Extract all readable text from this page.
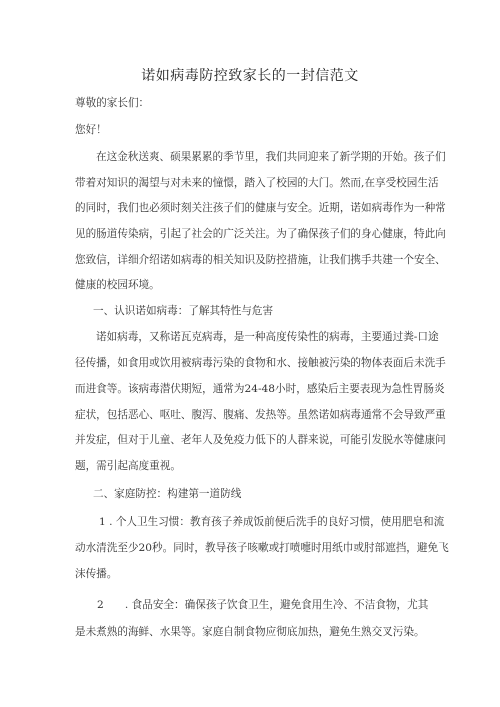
诺如病毒防控致家长的一封信范文
尊敬的家长们：
您好！
在这金秋送爽、硕果累累的季节里，我们共同迎来了新学期的开始。孩子们
带着对知识的渴望与对未来的憧憬，踏入了校园的大门。然而,在享受校园生活
的同时，我们也必须时刻关注孩子们的健康与安全。近期，诺如病毒作为一种常
见的肠道传染病，引起了社会的广泛关注。为了确保孩子们的身心健康，特此向
您致信，详细介绍诺如病毒的相关知识及防控措施，让我们携手共建一个安全、
健康的校园环境。
一、认识诺如病毒：了解其特性与危害
诺如病毒，又称诺瓦克病毒，是一种高度传染性的病毒，主要通过粪-口途
径传播，如食用或饮用被病毒污染的食物和水、接触被污染的物体表面后未洗手
而进食等。该病毒潜伏期短，通常为24-48小时，感染后主要表现为急性胃肠炎
症状，包括恶心、呕吐、腹泻、腹痛、发热等。虽然诺如病毒通常不会导致严重
并发症，但对于儿童、老年人及免疫力低下的人群来说，可能引发脱水等健康问
题，需引起高度重视。
二、家庭防控：构建第一道防线
1 . 个人卫生习惯：教育孩子养成饭前便后洗手的良好习惯，使用肥皂和流
动水清洗至少20秒。同时，教导孩子咳嗽或打喷嚏时用纸巾或肘部遮挡，避免飞
沫传播。
2　　. 食品安全：确保孩子饮食卫生，避免食用生冷、不洁食物，尤其
是未煮熟的海鲜、水果等。家庭自制食物应彻底加热，避免生熟交叉污染。
